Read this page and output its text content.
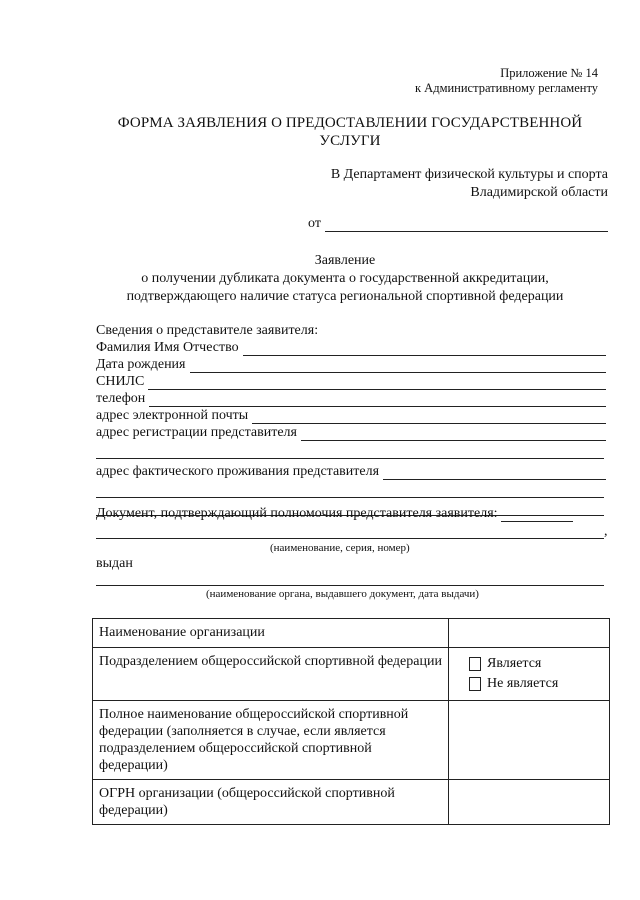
Приложение № 14
к Административному регламенту
ФОРМА ЗАЯВЛЕНИЯ О ПРЕДОСТАВЛЕНИИ ГОСУДАРСТВЕННОЙ УСЛУГИ
В Департамент физической культуры и спорта
Владимирской области
от
Заявление
о получении дубликата документа о государственной аккредитации,
подтверждающего наличие статуса региональной спортивной федерации
Сведения о представителе заявителя:
Фамилия Имя Отчество
Дата рождения
СНИЛС
телефон
адрес электронной почты
адрес регистрации представителя
адрес фактического проживания представителя
Документ, подтверждающий полномочия представителя заявителя:
,
(наименование, серия, номер)
выдан
(наименование органа, выдавшего документ, дата выдачи)
Наименование организации	
Подразделением общероссийской спортивной федерации	Является
Не является

Полное наименование общероссийской спортивной федерации (заполняется в случае, если является подразделением общероссийской спортивной федерации)	
ОГРН организации (общероссийской спортивной федерации)	
